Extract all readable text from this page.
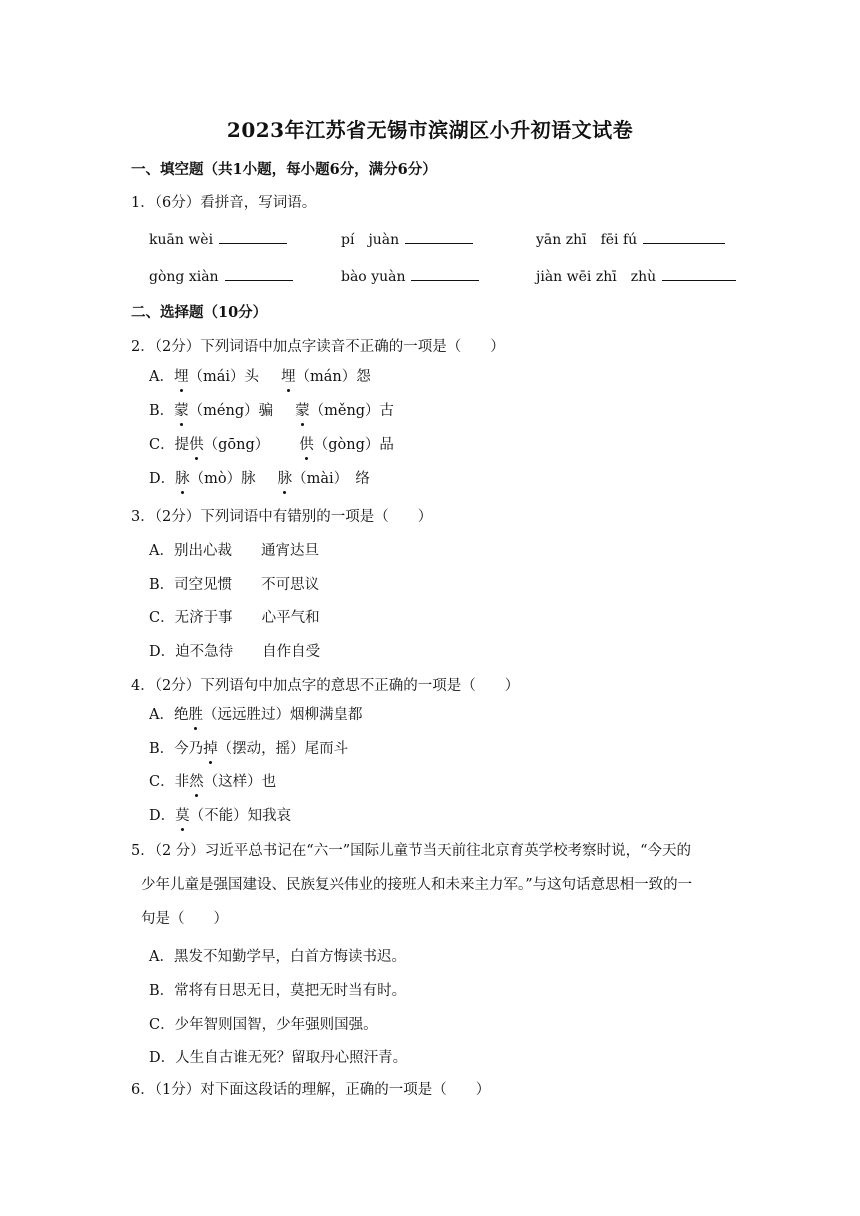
2023年江苏省无锡市滨湖区小升初语文试卷
一、填空题（共1小题，每小题6分，满分6分）
1．（6分）看拼音，写词语。
kuān wèi	pí　juàn	yān zhī　fēi fú
gòng xiàn	bào yuàn	jiàn wēi zhī　zhù
二、选择题（10分）
2．（2分）下列词语中加点字读音不正确的一项是（　　）
A．埋（mái）头 埋（mán）怨
B．蒙（méng）骗 蒙（měng）古
C．提供（gōng） 供（gòng）品
D．脉（mò）脉 脉（mài）　络
3．（2分）下列词语中有错别的一项是（　　）
A．别出心裁　　通宵达旦
B．司空见惯　　不可思议
C．无济于事　　心平气和
D．迫不急待　　自作自受
4．（2分）下列语句中加点字的意思不正确的一项是（　　）
A．绝胜（远远胜过）烟柳满皇都
B．今乃掉（摆动，摇）尾而斗
C．非然（这样）也
D．莫（不能）知我哀
5．（2 分）习近平总书记在“六一”国际儿童节当天前往北京育英学校考察时说，“今天的
少年儿童是强国建设、民族复兴伟业的接班人和未来主力军。”与这句话意思相一致的一
句是（　　）
A．黑发不知勤学早，白首方悔读书迟。
B．常将有日思无日，莫把无时当有时。
C．少年智则国智，少年强则国强。
D．人生自古谁无死？留取丹心照汗青。
6．（1分）对下面这段话的理解，正确的一项是（　　）
